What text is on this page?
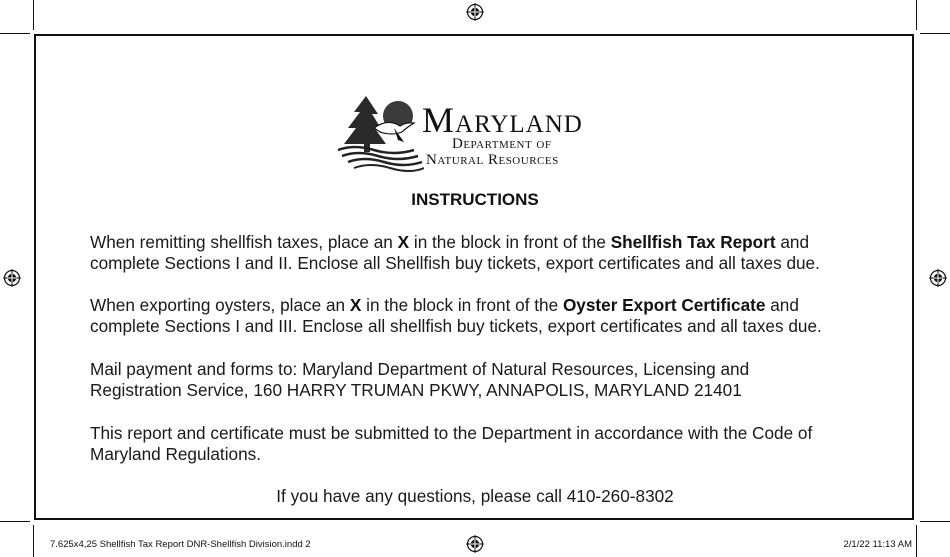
Maryland
Department of
Natural Resources
INSTRUCTIONS
When remitting shellfish taxes, place an X in the block in front of the Shellfish Tax Report and complete Sections I and II. Enclose all Shellfish buy tickets, export certificates and all taxes due.
When exporting oysters, place an X in the block in front of the Oyster Export Certificate and complete Sections I and III. Enclose all shellfish buy tickets, export certificates and all taxes due.
Mail payment and forms to: Maryland Department of Natural Resources, Licensing and Registration Service, 160 HARRY TRUMAN PKWY, ANNAPOLIS, MARYLAND 21401
This report and certificate must be submitted to the Department in accordance with the Code of Maryland Regulations.
If you have any questions, please call 410-260-8302
7.625x4,25 Shellfish Tax Report DNR-Shellfish Division.indd 2	2/1/22 11:13 AM
